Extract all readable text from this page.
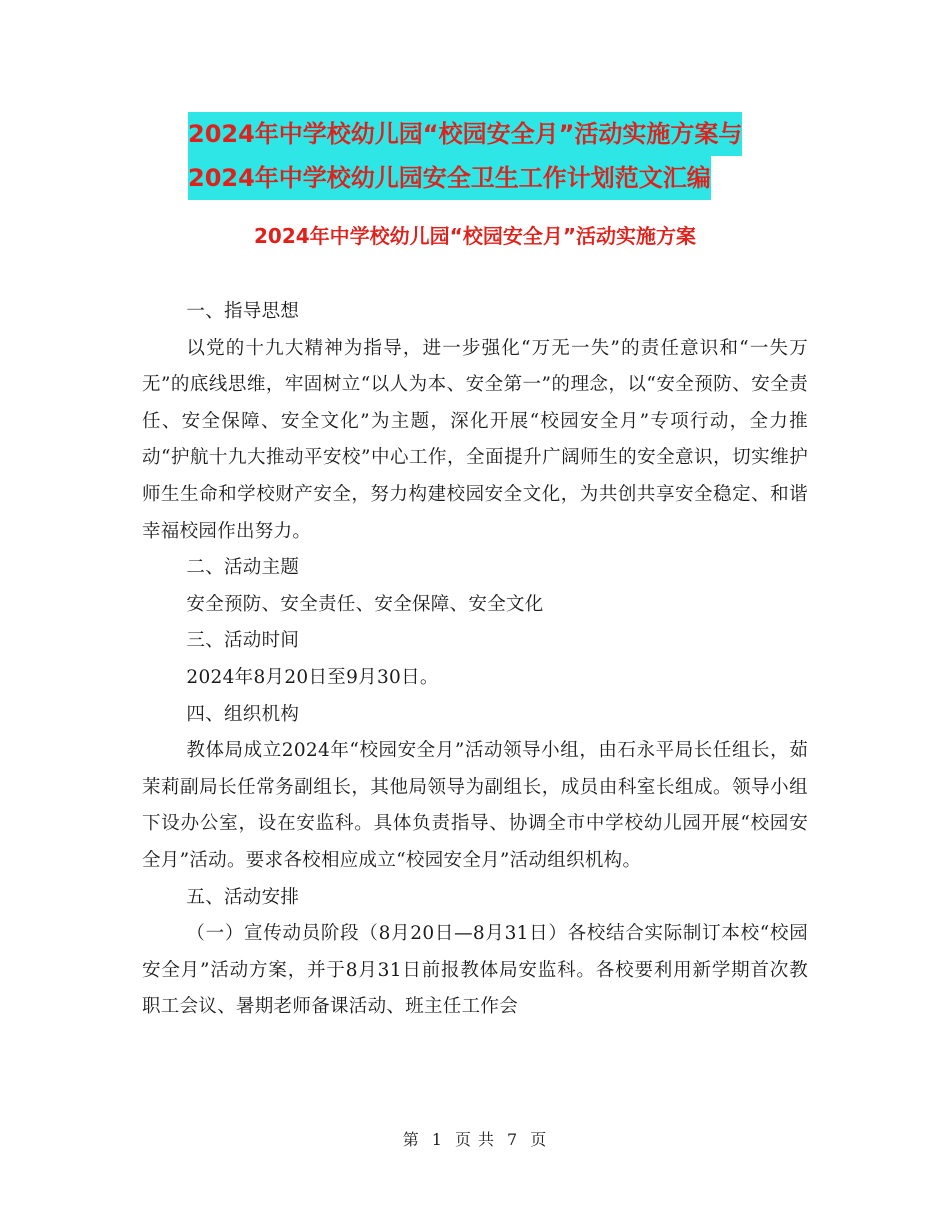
2024年中学校幼儿园“校园安全月”活动实施方案与
2024年中学校幼儿园安全卫生工作计划范文汇编
2024年中学校幼儿园“校园安全月”活动实施方案

一、指导思想

以党的十九大精神为指导，进一步强化“万无一失”的责任意识和“一失万无”的底线思维，牢固树立“以人为本、安全第一”的理念，以“安全预防、安全责任、安全保障、安全文化”为主题，深化开展“校园安全月”专项行动，全力推动“护航十九大推动平安校”中心工作，全面提升广阔师生的安全意识，切实维护师生生命和学校财产安全，努力构建校园安全文化，为共创共享安全稳定、和谐幸福校园作出努力。

二、活动主题

安全预防、安全责任、安全保障、安全文化

三、活动时间

2024年8月20日至9月30日。

四、组织机构

教体局成立2024年“校园安全月”活动领导小组，由石永平局长任组长，茹茉莉副局长任常务副组长，其他局领导为副组长，成员由科室长组成。领导小组下设办公室，设在安监科。具体负责指导、协调全市中学校幼儿园开展“校园安全月”活动。要求各校相应成立“校园安全月”活动组织机构。

五、活动安排

（一）宣传动员阶段（8月20日—8月31日）各校结合实际制订本校“校园安全月”活动方案，并于8月31日前报教体局安监科。各校要利用新学期首次教职工会议、暑期老师备课活动、班主任工作会

第 1 页 共 7 页
